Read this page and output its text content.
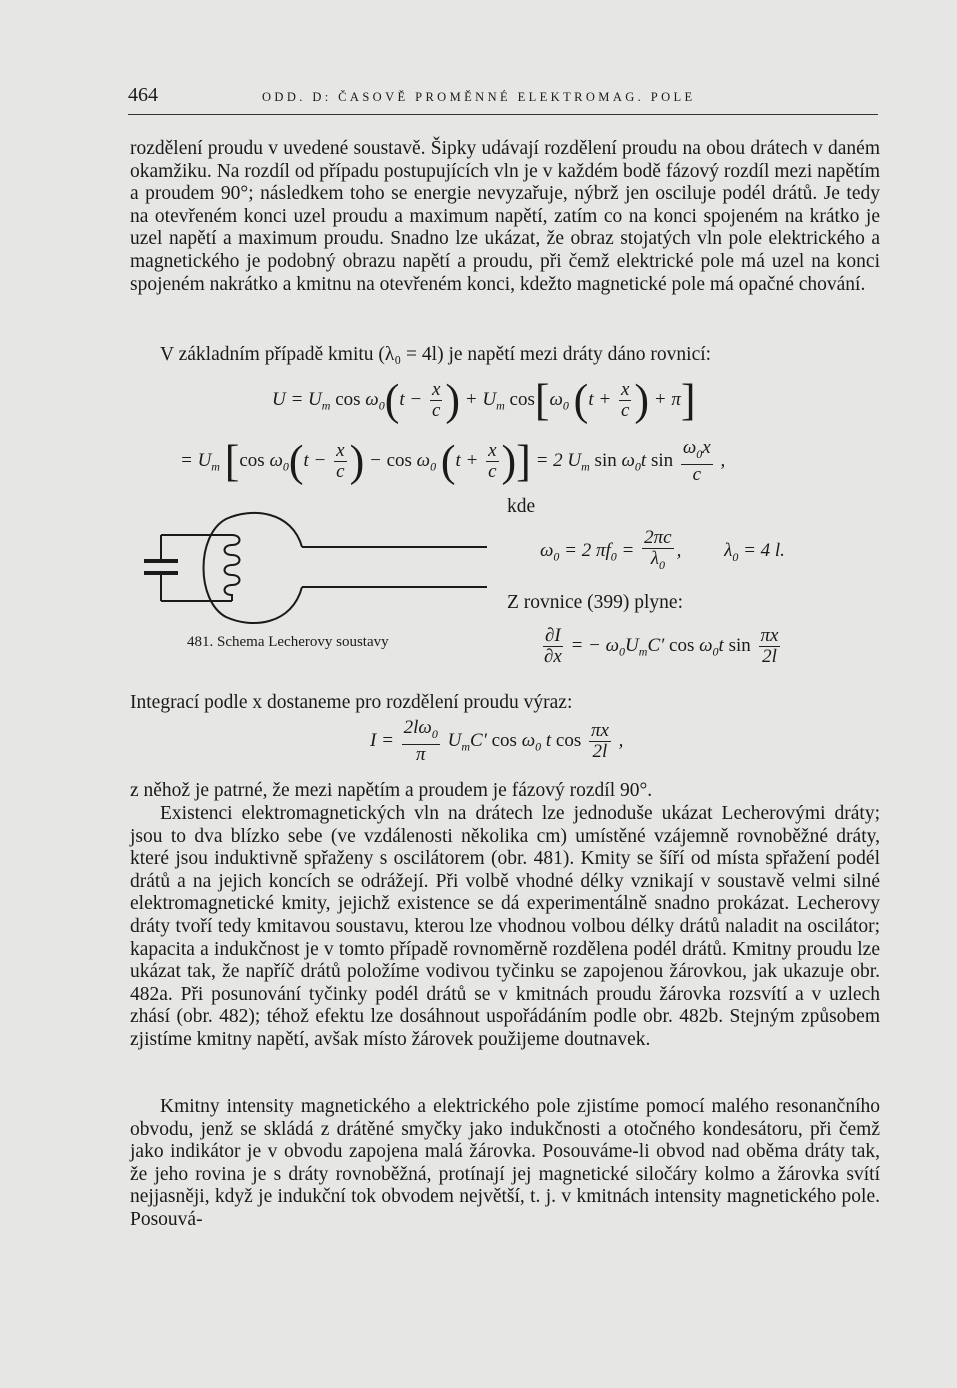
464	ODD. D: ČASOVĚ PROMĚNNÉ ELEKTROMAG. POLE

rozdělení proudu v uvedené soustavě. Šipky udávají rozdělení proudu na obou drátech v daném okamžiku. Na rozdíl od případu postupujících vln je v každém bodě fázový rozdíl mezi napětím a proudem 90°; následkem toho se energie nevyzařuje, nýbrž jen osciluje podél drátů. Je tedy na otevřeném konci uzel proudu a maximum napětí, zatím co na konci spojeném na krátko je uzel napětí a maximum proudu. Snadno lze ukázat, že obraz stojatých vln pole elektrického a magnetického je podobný obrazu napětí a proudu, při čemž elektrické pole má uzel na konci spojeném nakrátko a kmitnu na otevřeném konci, kdežto magnetické pole má opačné chování.

V základním případě kmitu (λ₀ = 4l) je napětí mezi dráty dáno rovnicí:

$U = U_m$ $\cos \omega_0(t - \frac{x}{c}$ ) + $U_m$ $\cos[\omega_0$ ($t + \frac{x}{c}$ ) + π]
= $U_m$ [cos $\omega_0(t - \frac{x}{c}$ ) − $\cos \omega_0$ ($t + \frac{x}{c}$ )] = 2 $U_m$ $\sin \omega_0t$ $\sin \frac{\omega_0x}{c}$ ,
kde
481. Schema Lecherovy soustavy
$\omega_0 = 2$ $\pi f_0 = \frac{2\pi c}{\lambda_0}$ , $\lambda_0 = 4$ l.
Z rovnice (399) plyne:
$\frac{\partial I}{\partial x}$ = − $\omega_0U_mC'$ $\cos \omega_0t$ $\sin \frac{\pi x}{2l}$

Integrací podle x dostaneme pro rozdělení proudu výraz:

$I = \frac{2l\omega_0}{\pi} U_mC'$ $\cos \omega_0$ t $\cos \frac{\pi x}{2l}$ ,

z něhož je patrné, že mezi napětím a proudem je fázový rozdíl 90°.

Existenci elektromagnetických vln na drátech lze jednoduše ukázat Lecherovými dráty; jsou to dva blízko sebe (ve vzdálenosti několika cm) umístěné vzájemně rovnoběžné dráty, které jsou induktivně spřaženy s oscilátorem (obr. 481). Kmity se šíří od místa spřažení podél drátů a na jejich koncích se odrážejí. Při volbě vhodné délky vznikají v soustavě velmi silné elektromagnetické kmity, jejichž existence se dá experimentálně snadno prokázat. Lecherovy dráty tvoří tedy kmitavou soustavu, kterou lze vhodnou volbou délky drátů naladit na oscilátor; kapacita a indukčnost je v tomto případě rovnoměrně rozdělena podél drátů. Kmitny proudu lze ukázat tak, že napříč drátů položíme vodivou tyčinku se zapojenou žárovkou, jak ukazuje obr. 482a. Při posunování tyčinky podél drátů se v kmitnách proudu žárovka rozsvítí a v uzlech zhásí (obr. 482); téhož efektu lze dosáhnout uspořádáním podle obr. 482b. Stejným způsobem zjistíme kmitny napětí, avšak místo žárovek použijeme doutnavek.

Kmitny intensity magnetického a elektrického pole zjistíme pomocí malého resonančního obvodu, jenž se skládá z drátěné smyčky jako indukčnosti a otočného kondesátoru, při čemž jako indikátor je v obvodu zapojena malá žárovka. Posouváme-li obvod nad oběma dráty tak, že jeho rovina je s dráty rovnoběžná, protínají jej magnetické siločáry kolmo a žárovka svítí nejjasněji, když je indukční tok obvodem největší, t. j. v kmitnách intensity magnetického pole. Posouvá-
